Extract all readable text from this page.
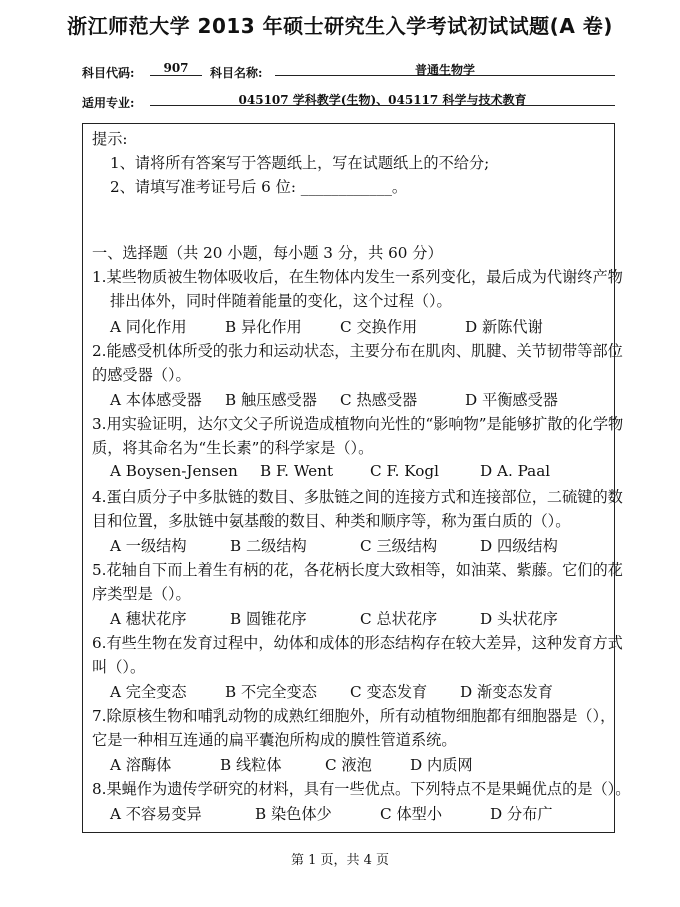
浙江师范大学 2013 年硕士研究生入学考试初试试题(A 卷)
科目代码:	907	科目名称:	普通生物学
适用专业:	045107 学科教学(生物)、045117 科学与技术教育
提示:
1、请将所有答案写于答题纸上，写在试题纸上的不给分;
2、请填写准考证号后 6 位: ____________。
一、选择题（共 20 小题，每小题 3 分，共 60 分）
1.某些物质被生物体吸收后，在生物体内发生一系列变化，最后成为代谢终产物
排出体外，同时伴随着能量的变化，这个过程（）。
A 同化作用	B 异化作用	C 交换作用	D 新陈代谢
2.能感受机体所受的张力和运动状态，主要分布在肌肉、肌腱、关节韧带等部位
的感受器（）。
A 本体感受器 B 触压感受器 C 热感受器	D 平衡感受器
3.用实验证明，达尔文父子所说造成植物向光性的“影响物”是能够扩散的化学物
质，将其命名为“生长素”的科学家是（）。
A Boysen-Jensen B F. Went C F. Kogl	D A. Paal
4.蛋白质分子中多肽链的数目、多肽链之间的连接方式和连接部位，二硫键的数
目和位置，多肽链中氨基酸的数目、种类和顺序等，称为蛋白质的（）。
A 一级结构	B 二级结构	C 三级结构	D 四级结构
5.花轴自下而上着生有柄的花，各花柄长度大致相等，如油菜、紫藤。它们的花
序类型是（）。
A 穗状花序	B 圆锥花序	C 总状花序	D 头状花序
6.有些生物在发育过程中，幼体和成体的形态结构存在较大差异，这种发育方式
叫（）。
A 完全变态	B 不完全变态 C 变态发育 D 渐变态发育
7.除原核生物和哺乳动物的成熟红细胞外，所有动植物细胞都有细胞器是（），
它是一种相互连通的扁平囊泡所构成的膜性管道系统。
A 溶酶体	B 线粒体	C 液泡	D 内质网
8.果蝇作为遗传学研究的材料，具有一些优点。下列特点不是果蝇优点的是（）。
A 不容易变异	B 染色体少	C 体型小	D 分布广
第 1 页，共 4 页
